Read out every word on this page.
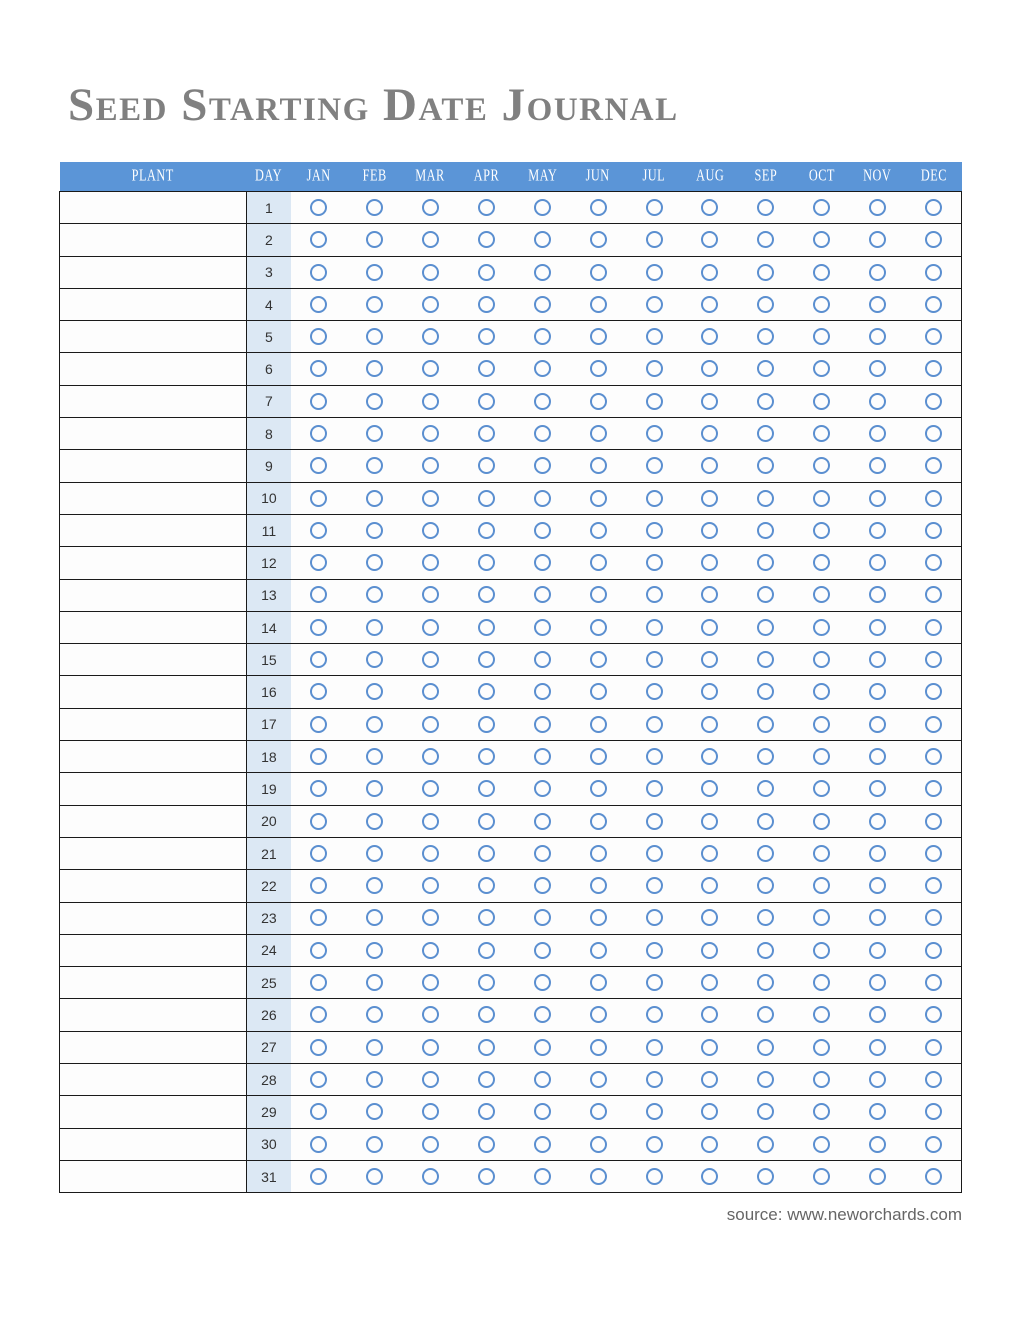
Seed Starting Date Journal
PLANT	DAY	JAN	FEB	MAR	APR	MAY	JUN	JUL	AUG	SEP	OCT	NOV	DEC
	1												
	2												
	3												
	4												
	5												
	6												
	7												
	8												
	9												
	10												
	11												
	12												
	13												
	14												
	15												
	16												
	17												
	18												
	19												
	20												
	21												
	22												
	23												
	24												
	25												
	26												
	27												
	28												
	29												
	30												
	31												
source: www.neworchards.com
